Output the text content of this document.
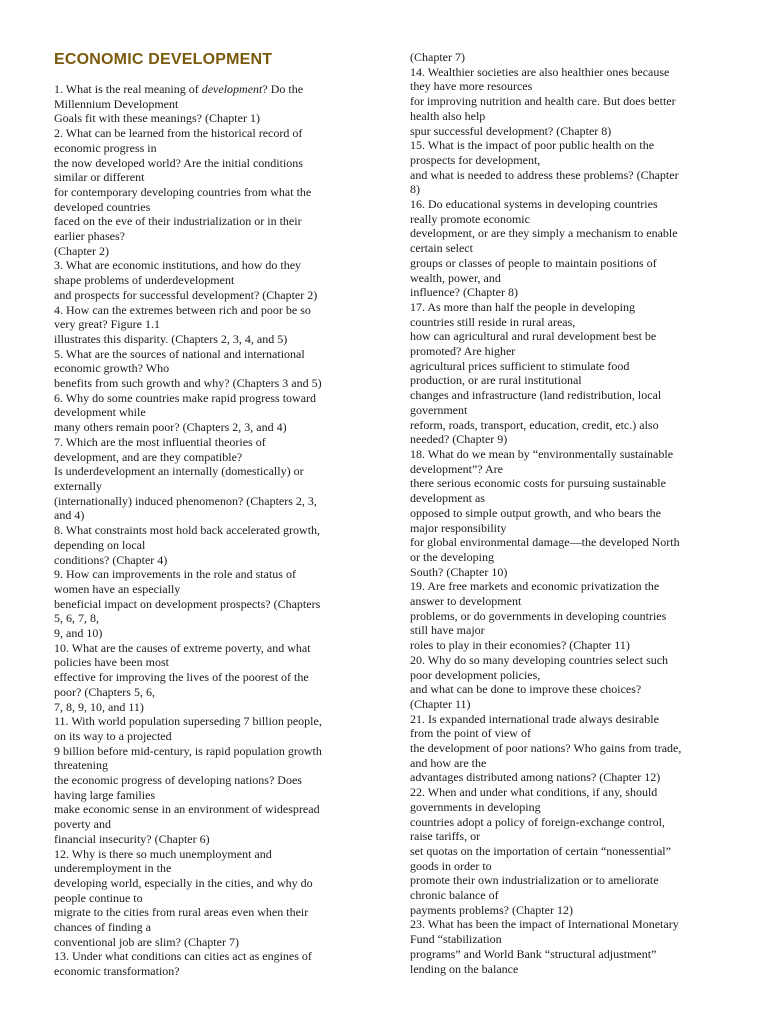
ECONOMIC DEVELOPMENT
1. What is the real meaning of development? Do the
Millennium Development
Goals fit with these meanings? (Chapter 1)
2. What can be learned from the historical record of
economic progress in
the now developed world? Are the initial conditions
similar or different
for contemporary developing countries from what the
developed countries
faced on the eve of their industrialization or in their
earlier phases?
(Chapter 2)
3. What are economic institutions, and how do they
shape problems of underdevelopment
and prospects for successful development? (Chapter 2)
4. How can the extremes between rich and poor be so
very great? Figure 1.1
illustrates this disparity. (Chapters 2, 3, 4, and 5)
5. What are the sources of national and international
economic growth? Who
benefits from such growth and why? (Chapters 3 and 5)
6. Why do some countries make rapid progress toward
development while
many others remain poor? (Chapters 2, 3, and 4)
7. Which are the most influential theories of
development, and are they compatible?
Is underdevelopment an internally (domestically) or
externally
(internationally) induced phenomenon? (Chapters 2, 3,
and 4)
8. What constraints most hold back accelerated growth,
depending on local
conditions? (Chapter 4)
9. How can improvements in the role and status of
women have an especially
beneficial impact on development prospects? (Chapters
5, 6, 7, 8,
9, and 10)
10. What are the causes of extreme poverty, and what
policies have been most
effective for improving the lives of the poorest of the
poor? (Chapters 5, 6,
7, 8, 9, 10, and 11)
11. With world population superseding 7 billion people,
on its way to a projected
9 billion before mid-century, is rapid population growth
threatening
the economic progress of developing nations? Does
having large families
make economic sense in an environment of widespread
poverty and
financial insecurity? (Chapter 6)
12. Why is there so much unemployment and
underemployment in the
developing world, especially in the cities, and why do
people continue to
migrate to the cities from rural areas even when their
chances of finding a
conventional job are slim? (Chapter 7)
13. Under what conditions can cities act as engines of
economic transformation?
(Chapter 7)
14. Wealthier societies are also healthier ones because
they have more resources
for improving nutrition and health care. But does better
health also help
spur successful development? (Chapter 8)
15. What is the impact of poor public health on the
prospects for development,
and what is needed to address these problems? (Chapter
8)
16. Do educational systems in developing countries
really promote economic
development, or are they simply a mechanism to enable
certain select
groups or classes of people to maintain positions of
wealth, power, and
influence? (Chapter 8)
17. As more than half the people in developing
countries still reside in rural areas,
how can agricultural and rural development best be
promoted? Are higher
agricultural prices sufficient to stimulate food
production, or are rural institutional
changes and infrastructure (land redistribution, local
government
reform, roads, transport, education, credit, etc.) also
needed? (Chapter 9)
18. What do we mean by “environmentally sustainable
development”? Are
there serious economic costs for pursuing sustainable
development as
opposed to simple output growth, and who bears the
major responsibility
for global environmental damage—the developed North
or the developing
South? (Chapter 10)
19. Are free markets and economic privatization the
answer to development
problems, or do governments in developing countries
still have major
roles to play in their economies? (Chapter 11)
20. Why do so many developing countries select such
poor development policies,
and what can be done to improve these choices?
(Chapter 11)
21. Is expanded international trade always desirable
from the point of view of
the development of poor nations? Who gains from trade,
and how are the
advantages distributed among nations? (Chapter 12)
22. When and under what conditions, if any, should
governments in developing
countries adopt a policy of foreign-exchange control,
raise tariffs, or
set quotas on the importation of certain “nonessential”
goods in order to
promote their own industrialization or to ameliorate
chronic balance of
payments problems? (Chapter 12)
23. What has been the impact of International Monetary
Fund “stabilization
programs” and World Bank “structural adjustment”
lending on the balance
